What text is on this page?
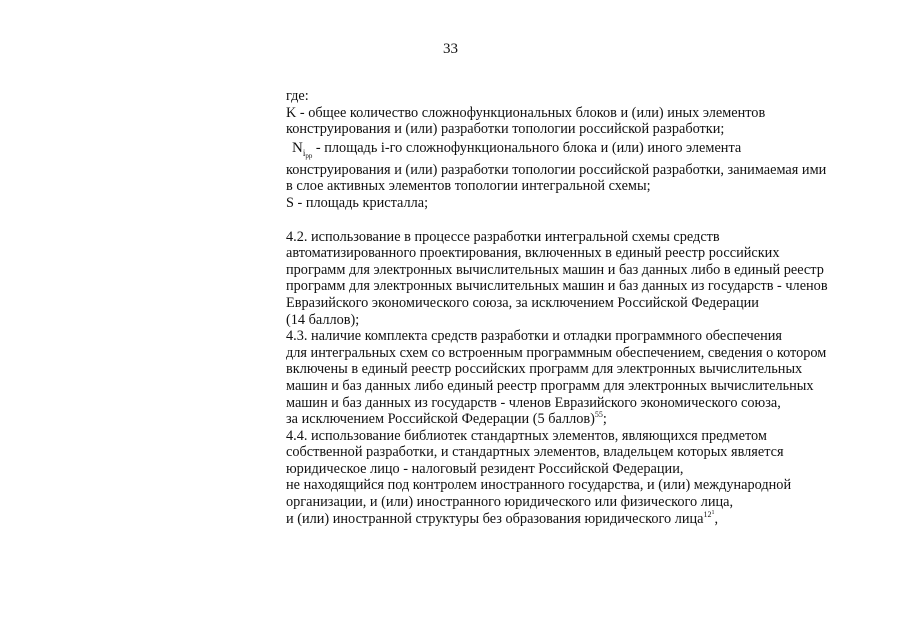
33
где:
K - общее количество сложнофункциональных блоков и (или) иных элементов
конструирования и (или) разработки топологии российской разработки;
$N_{i_{рр}}$ - площадь i-го сложнофункционального блока и (или) иного элемента
конструирования и (или) разработки топологии российской разработки, занимаемая ими
в слое активных элементов топологии интегральной схемы;
S - площадь кристалла;
4.2. использование в процессе разработки интегральной схемы средств
автоматизированного проектирования, включенных в единый реестр российских
программ для электронных вычислительных машин и баз данных либо в единый реестр
программ для электронных вычислительных машин и баз данных из государств - членов
Евразийского экономического союза, за исключением Российской Федерации
(14 баллов);
4.3. наличие комплекта средств разработки и отладки программного обеспечения
для интегральных схем со встроенным программным обеспечением, сведения о котором
включены в единый реестр российских программ для электронных вычислительных
машин и баз данных либо единый реестр программ для электронных вычислительных
машин и баз данных из государств - членов Евразийского экономического союза,
за исключением Российской Федерации (5 баллов)$^{55}$;
4.4. использование библиотек стандартных элементов, являющихся предметом
собственной разработки, и стандартных элементов, владельцем которых является
юридическое лицо - налоговый резидент Российской Федерации,
не находящийся под контролем иностранного государства, и (или) международной
организации, и (или) иностранного юридического или физического лица,
и (или) иностранной структуры без образования юридического лица$^{12^1}$,
